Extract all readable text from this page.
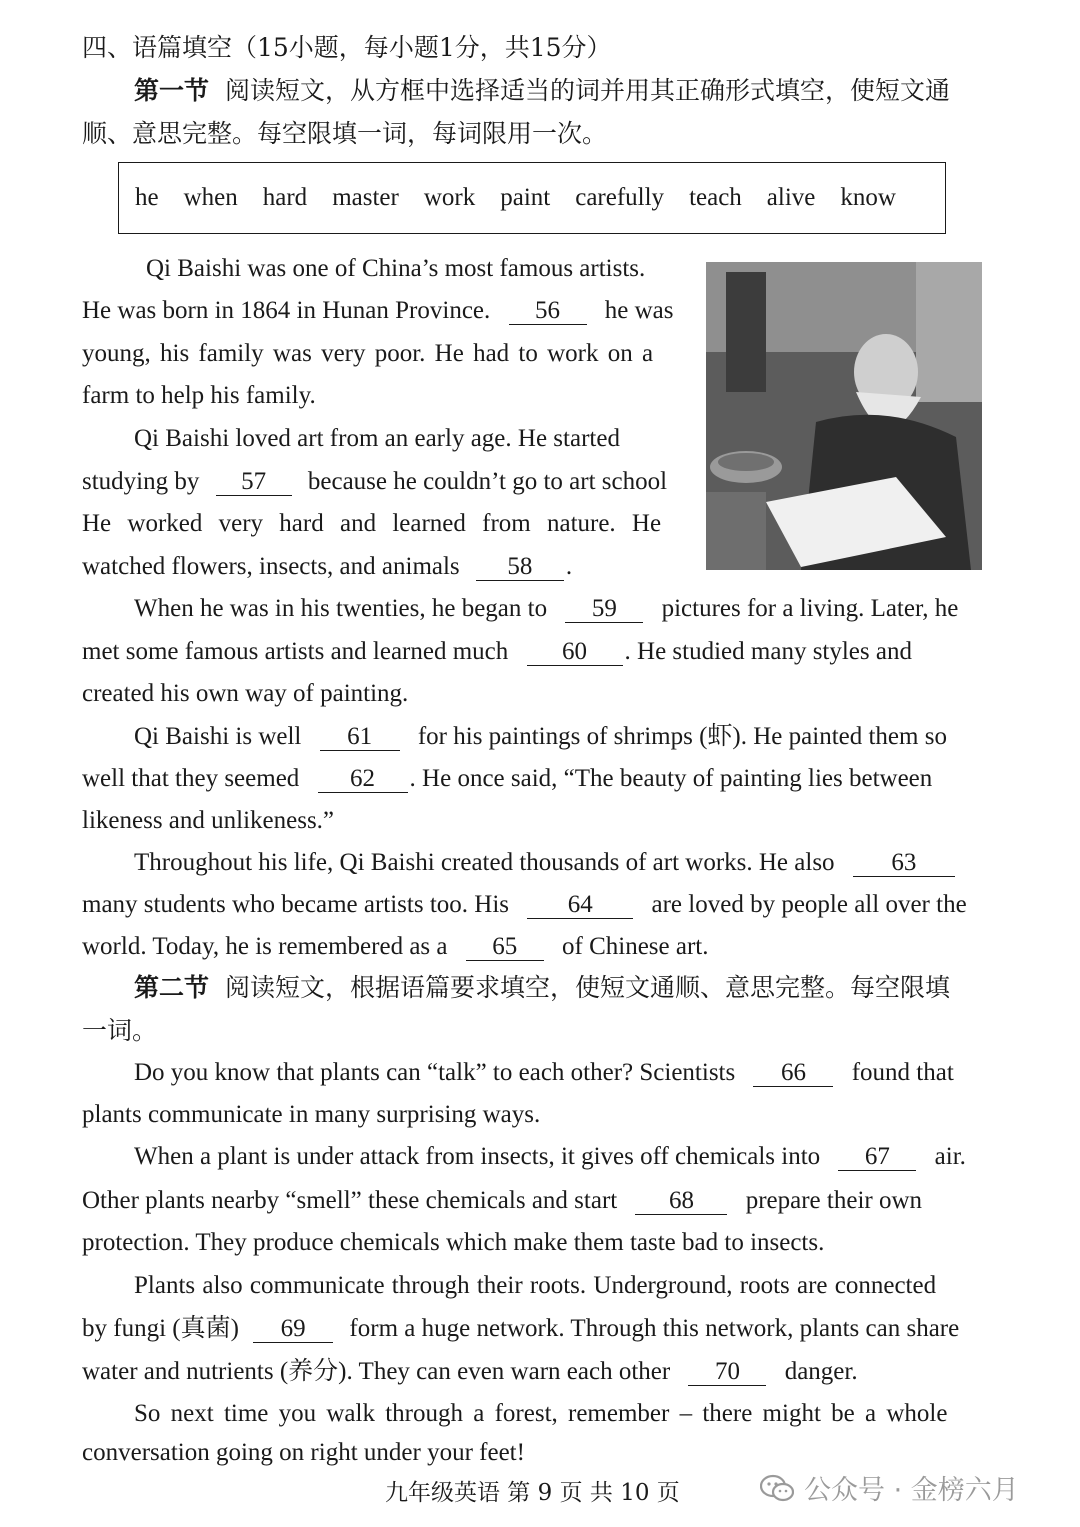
四、语篇填空（15小题，每小题1分，共15分）
第一节 阅读短文，从方框中选择适当的词并用其正确形式填空，使短文通
顺、意思完整。每空限填一词，每词限用一次。
he when hard master work paint carefully teach alive know
Qi Baishi was one of China’s most famous artists.
He was born in 1864 in Hunan Province. 56 he was
young, his family was very poor. He had to work on a
farm to help his family.
Qi Baishi loved art from an early age. He started
studying by 57 because he couldn’t go to art school
He worked very hard and learned from nature. He
watched flowers, insects, and animals 58 .
When he was in his twenties, he began to 59 pictures for a living. Later, he
met some famous artists and learned much 60 . He studied many styles and
created his own way of painting.
Qi Baishi is well 61 for his paintings of shrimps (虾). He painted them so
well that they seemed 62 . He once said, “The beauty of painting lies between
likeness and unlikeness.”
Throughout his life, Qi Baishi created thousands of art works. He also 63
many students who became artists too. His 64 are loved by people all over the
world. Today, he is remembered as a 65 of Chinese art.
第二节 阅读短文，根据语篇要求填空，使短文通顺、意思完整。每空限填
一词。
Do you know that plants can “talk” to each other? Scientists 66 found that
plants communicate in many surprising ways.
When a plant is under attack from insects, it gives off chemicals into 67 air.
Other plants nearby “smell” these chemicals and start 68 prepare their own
protection. They produce chemicals which make them taste bad to insects.
Plants also communicate through their roots. Underground, roots are connected
by fungi (真菌) 69 form a huge network. Through this network, plants can share
water and nutrients (养分). They can even warn each other 70 danger.
So next time you walk through a forest, remember – there might be a whole
conversation going on right under your feet!
九年级英语 第 9 页 共 10 页	公众号 · 金榜六月
